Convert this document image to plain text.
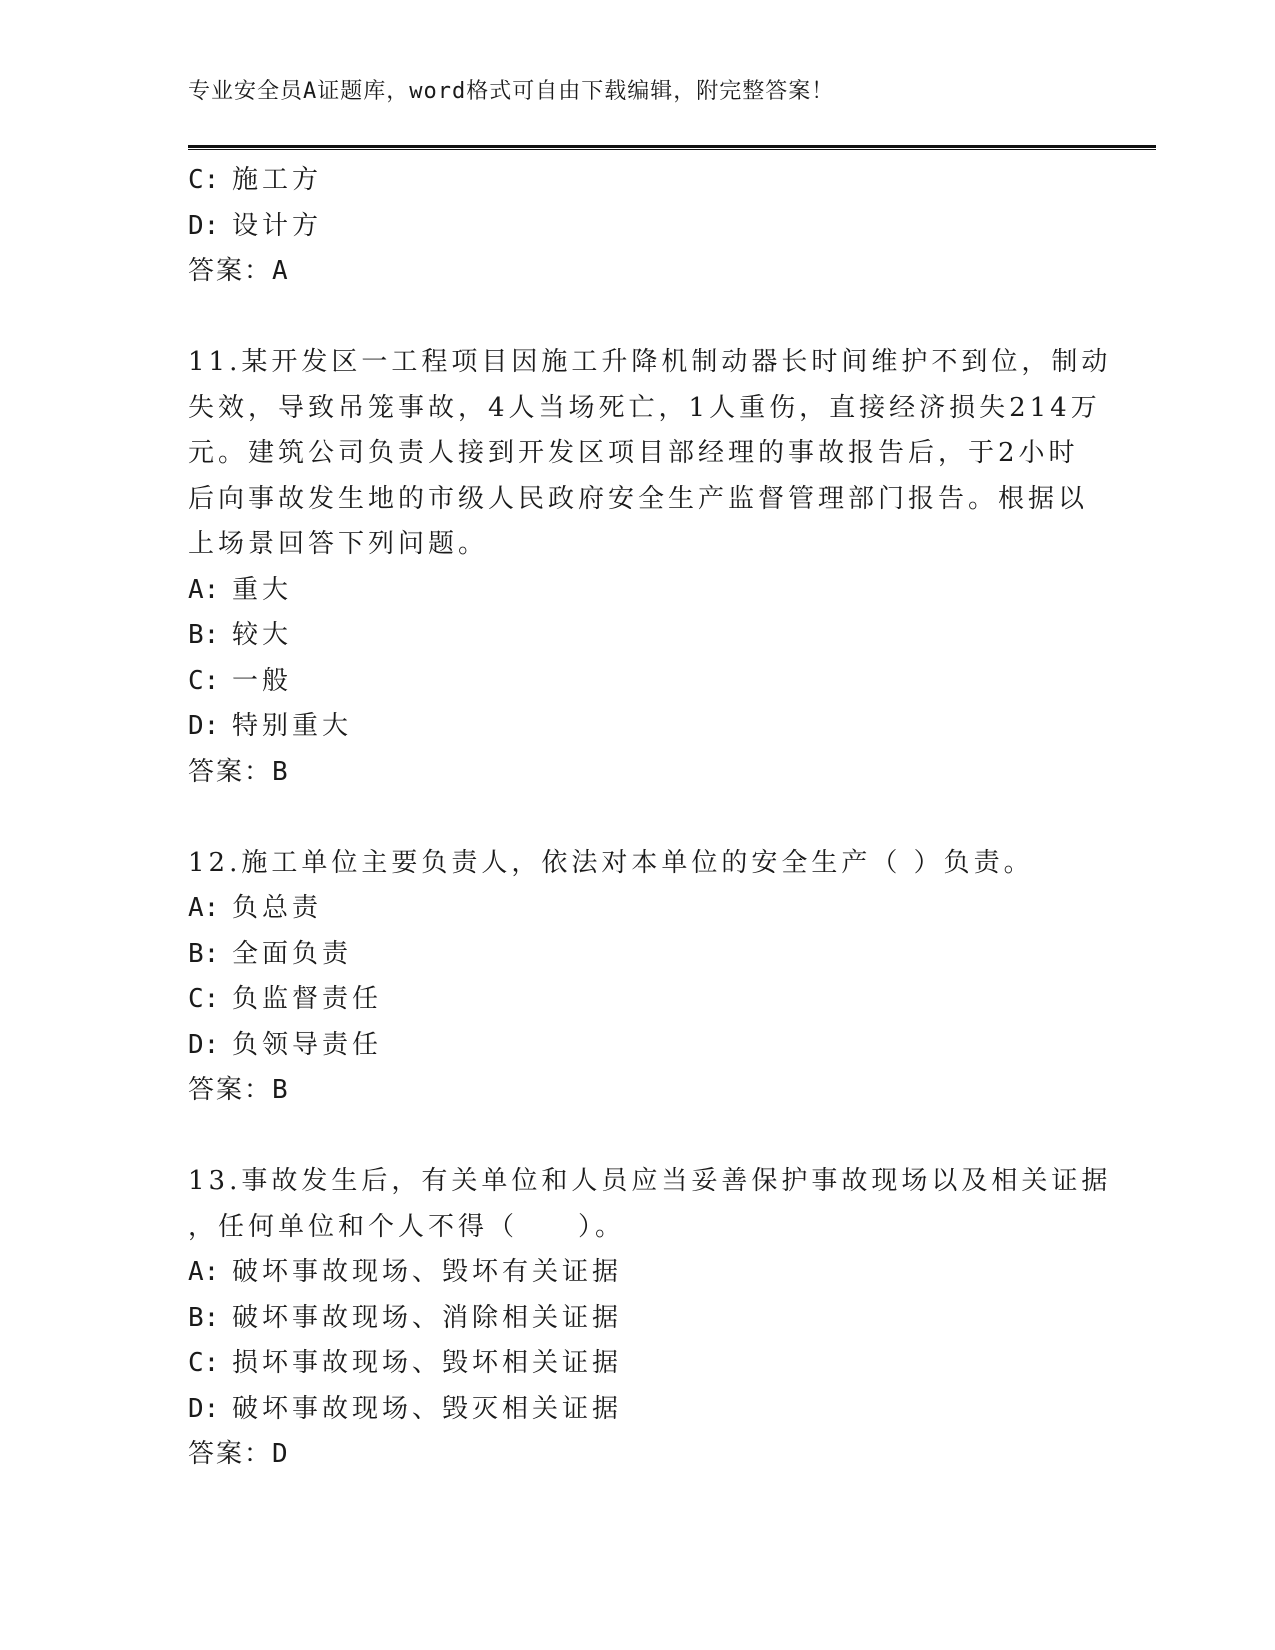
专业安全员A证题库，word格式可自由下载编辑，附完整答案！
C: 施工方
D: 设计方
答案：A
11.某开发区一工程项目因施工升降机制动器长时间维护不到位，制动
失效，导致吊笼事故，4人当场死亡，1人重伤，直接经济损失214万
元。建筑公司负责人接到开发区项目部经理的事故报告后，于2小时
后向事故发生地的市级人民政府安全生产监督管理部门报告。根据以
上场景回答下列问题。
A: 重大
B: 较大
C: 一般
D: 特别重大
答案：B
12.施工单位主要负责人，依法对本单位的安全生产（ ）负责。
A: 负总责
B: 全面负责
C: 负监督责任
D: 负领导责任
答案：B
13.事故发生后，有关单位和人员应当妥善保护事故现场以及相关证据
，任何单位和个人不得（　　）。
A: 破坏事故现场、毁坏有关证据
B: 破坏事故现场、消除相关证据
C: 损坏事故现场、毁坏相关证据
D: 破坏事故现场、毁灭相关证据
答案：D
